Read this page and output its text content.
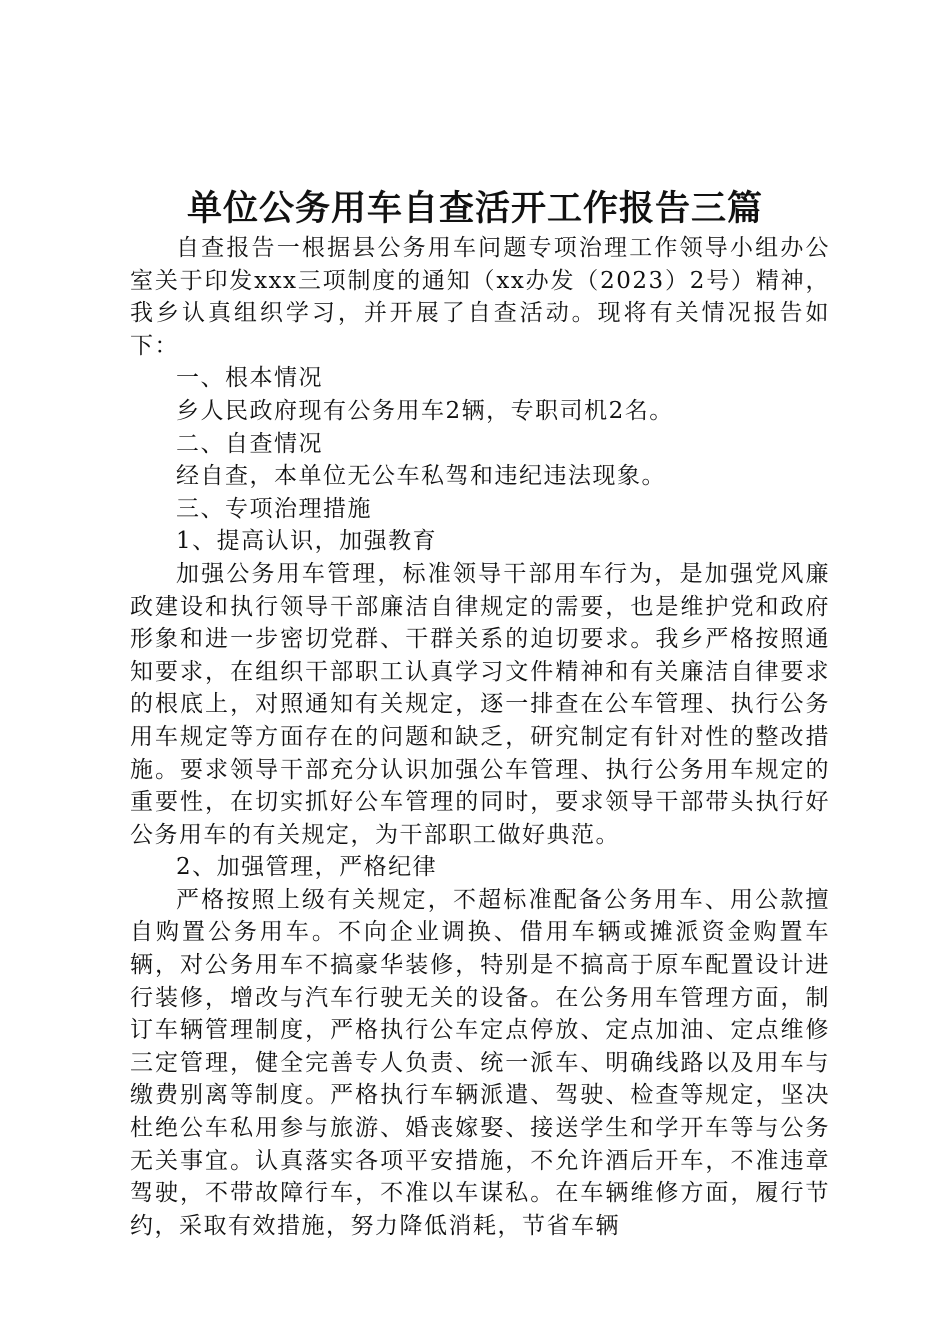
单位公务用车自查活开工作报告三篇

自查报告一根据县公务用车问题专项治理工作领导小组办公室关于印发xxx三项制度的通知（xx办发（2023）2号）精神，我乡认真组织学习，并开展了自查活动。现将有关情况报告如下：

一、根本情况

乡人民政府现有公务用车2辆，专职司机2名。

二、自查情况

经自查，本单位无公车私驾和违纪违法现象。

三、专项治理措施

1、提高认识，加强教育

加强公务用车管理，标准领导干部用车行为，是加强党风廉政建设和执行领导干部廉洁自律规定的需要，也是维护党和政府形象和进一步密切党群、干群关系的迫切要求。我乡严格按照通知要求，在组织干部职工认真学习文件精神和有关廉洁自律要求的根底上，对照通知有关规定，逐一排查在公车管理、执行公务用车规定等方面存在的问题和缺乏，研究制定有针对性的整改措施。要求领导干部充分认识加强公车管理、执行公务用车规定的重要性，在切实抓好公车管理的同时，要求领导干部带头执行好公务用车的有关规定，为干部职工做好典范。

2、加强管理，严格纪律

严格按照上级有关规定，不超标准配备公务用车、用公款擅自购置公务用车。不向企业调换、借用车辆或摊派资金购置车辆，对公务用车不搞豪华装修，特别是不搞高于原车配置设计进行装修，增改与汽车行驶无关的设备。在公务用车管理方面，制订车辆管理制度，严格执行公车定点停放、定点加油、定点维修三定管理，健全完善专人负责、统一派车、明确线路以及用车与缴费别离等制度。严格执行车辆派遣、驾驶、检查等规定，坚决杜绝公车私用参与旅游、婚丧嫁娶、接送学生和学开车等与公务无关事宜。认真落实各项平安措施，不允许酒后开车，不准违章驾驶，不带故障行车，不准以车谋私。在车辆维修方面，履行节约，采取有效措施，努力降低消耗，节省车辆
